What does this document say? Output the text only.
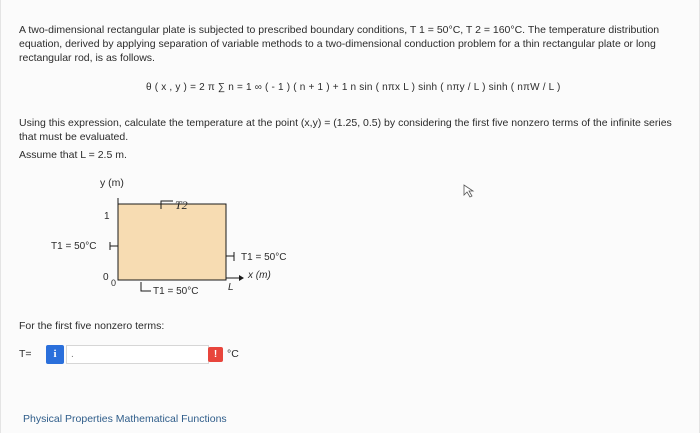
A two-dimensional rectangular plate is subjected to prescribed boundary conditions, T 1 = 50°C, T 2 = 160°C. The temperature distribution equation, derived by applying separation of variable methods to a two-dimensional conduction problem for a thin rectangular plate or long rectangular rod, is as follows.
θ ( x , y ) = 2 π ∑ n = 1 ∞ ( - 1 ) ( n + 1 ) + 1 n sin ( nπx L ) sinh ( nπy / L ) sinh ( nπW / L )
Using this expression, calculate the temperature at the point (x,y) = (1.25, 0.5) by considering the first five nonzero terms of the infinite series that must be evaluated.
Assume that L = 2.5 m.
y (m)
1
T2
T1 = 50°C
T1 = 50°C
x (m)
0 0	L
T1 = 50°C
For the first five nonzero terms:
T=	i
.	! °C
Physical Properties Mathematical Functions
